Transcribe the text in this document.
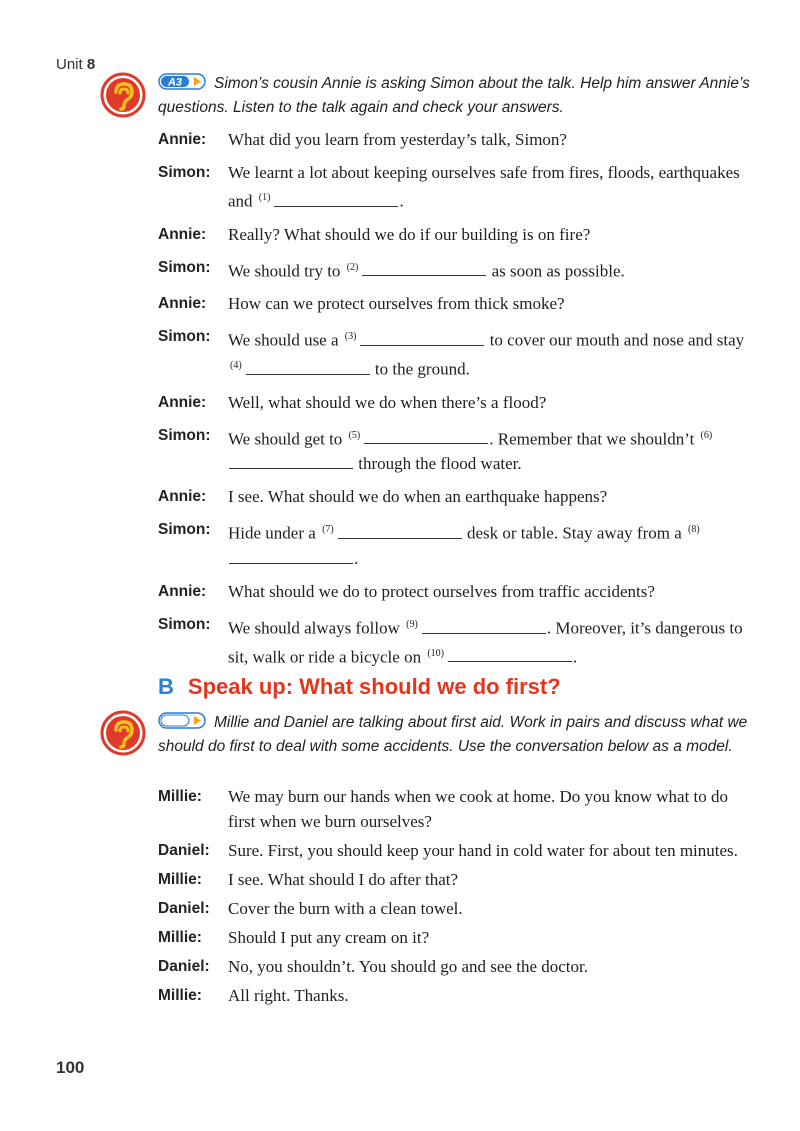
Unit 8
A3 Simon’s cousin Annie is asking Simon about the talk. Help him answer Annie’s questions. Listen to the talk again and check your answers.
Annie:	What did you learn from yesterday’s talk, Simon?
Simon:	We learnt a lot about keeping ourselves safe from fires, floods, earthquakes and $^{(1)}$	.
Annie:	Really? What should we do if our building is on fire?
Simon:	We should try to $^{(2)}$	as soon as possible.
Annie:	How can we protect ourselves from thick smoke?
Simon:	We should use a $^{(3)}$	to cover our mouth and nose and stay $^{(4)}$	to the ground.
Annie:	Well, what should we do when there’s a flood?
Simon:	We should get to $^{(5)}$	. Remember that we shouldn’t $^{(6)}$ through the flood water.
Annie:	I see. What should we do when an earthquake happens?
Simon:	Hide under a $^{(7)}$	desk or table. Stay away from a $^{(8)}$.
Annie:	What should we do to protect ourselves from traffic accidents?
Simon:	We should always follow $^{(9)}$	. Moreover, it’s dangerous to sit, walk or ride a bicycle on $^{(10)}$	.
B Speak up: What should we do first?
Millie and Daniel are talking about first aid. Work in pairs and discuss what we should do first to deal with some accidents. Use the conversation below as a model.
Millie:	We may burn our hands when we cook at home. Do you know what to do first when we burn ourselves?
Daniel:	Sure. First, you should keep your hand in cold water for about ten minutes.
Millie:	I see. What should I do after that?
Daniel:	Cover the burn with a clean towel.
Millie:	Should I put any cream on it?
Daniel:	No, you shouldn’t. You should go and see the doctor.
Millie:	All right. Thanks.
100
